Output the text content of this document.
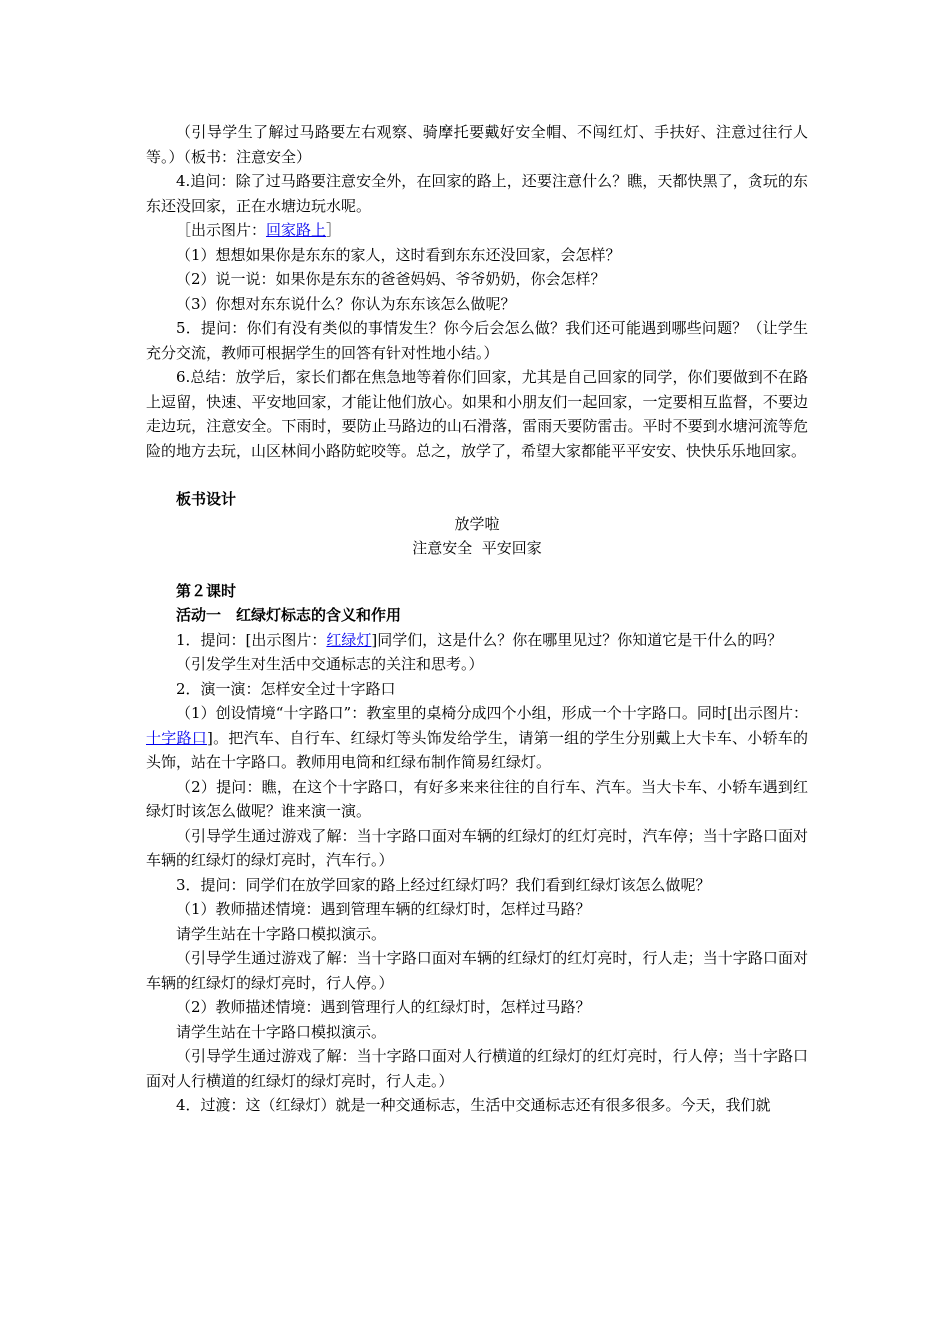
（引导学生了解过马路要左右观察、骑摩托要戴好安全帽、不闯红灯、手扶好、注意过往行人等。）（板书：注意安全）

4.追问：除了过马路要注意安全外，在回家的路上，还要注意什么？瞧，天都快黑了，贪玩的东东还没回家，正在水塘边玩水呢。

［出示图片：回家路上］

（1）想想如果你是东东的家人，这时看到东东还没回家，会怎样？

（2）说一说：如果你是东东的爸爸妈妈、爷爷奶奶，你会怎样？

（3）你想对东东说什么？你认为东东该怎么做呢？

5．提问：你们有没有类似的事情发生？你今后会怎么做？我们还可能遇到哪些问题？（让学生充分交流，教师可根据学生的回答有针对性地小结。）

6.总结：放学后，家长们都在焦急地等着你们回家，尤其是自己回家的同学，你们要做到不在路上逗留，快速、平安地回家，才能让他们放心。如果和小朋友们一起回家，一定要相互监督，不要边走边玩，注意安全。下雨时，要防止马路边的山石滑落，雷雨天要防雷击。平时不要到水塘河流等危险的地方去玩，山区林间小路防蛇咬等。总之，放学了，希望大家都能平平安安、快快乐乐地回家。

板书设计

放学啦

注意安全  平安回家

第２课时

活动一　红绿灯标志的含义和作用

1．提问：[出示图片：红绿灯]同学们，这是什么？你在哪里见过？你知道它是干什么的吗？

（引发学生对生活中交通标志的关注和思考。）

2．演一演：怎样安全过十字路口

（1）创设情境“十字路口”：教室里的桌椅分成四个小组，形成一个十字路口。同时[出示图片：十字路口]。把汽车、自行车、红绿灯等头饰发给学生，请第一组的学生分别戴上大卡车、小轿车的头饰，站在十字路口。教师用电筒和红绿布制作简易红绿灯。

（2）提问：瞧，在这个十字路口，有好多来来往往的自行车、汽车。当大卡车、小轿车遇到红绿灯时该怎么做呢？谁来演一演。

（引导学生通过游戏了解：当十字路口面对车辆的红绿灯的红灯亮时，汽车停；当十字路口面对车辆的红绿灯的绿灯亮时，汽车行。）

3．提问：同学们在放学回家的路上经过红绿灯吗？我们看到红绿灯该怎么做呢？

（1）教师描述情境：遇到管理车辆的红绿灯时，怎样过马路？

请学生站在十字路口模拟演示。

（引导学生通过游戏了解：当十字路口面对车辆的红绿灯的红灯亮时，行人走；当十字路口面对车辆的红绿灯的绿灯亮时，行人停。）

（2）教师描述情境：遇到管理行人的红绿灯时，怎样过马路？

请学生站在十字路口模拟演示。

（引导学生通过游戏了解：当十字路口面对人行横道的红绿灯的红灯亮时，行人停；当十字路口面对人行横道的红绿灯的绿灯亮时，行人走。）

4．过渡：这（红绿灯）就是一种交通标志，生活中交通标志还有很多很多。今天，我们就
